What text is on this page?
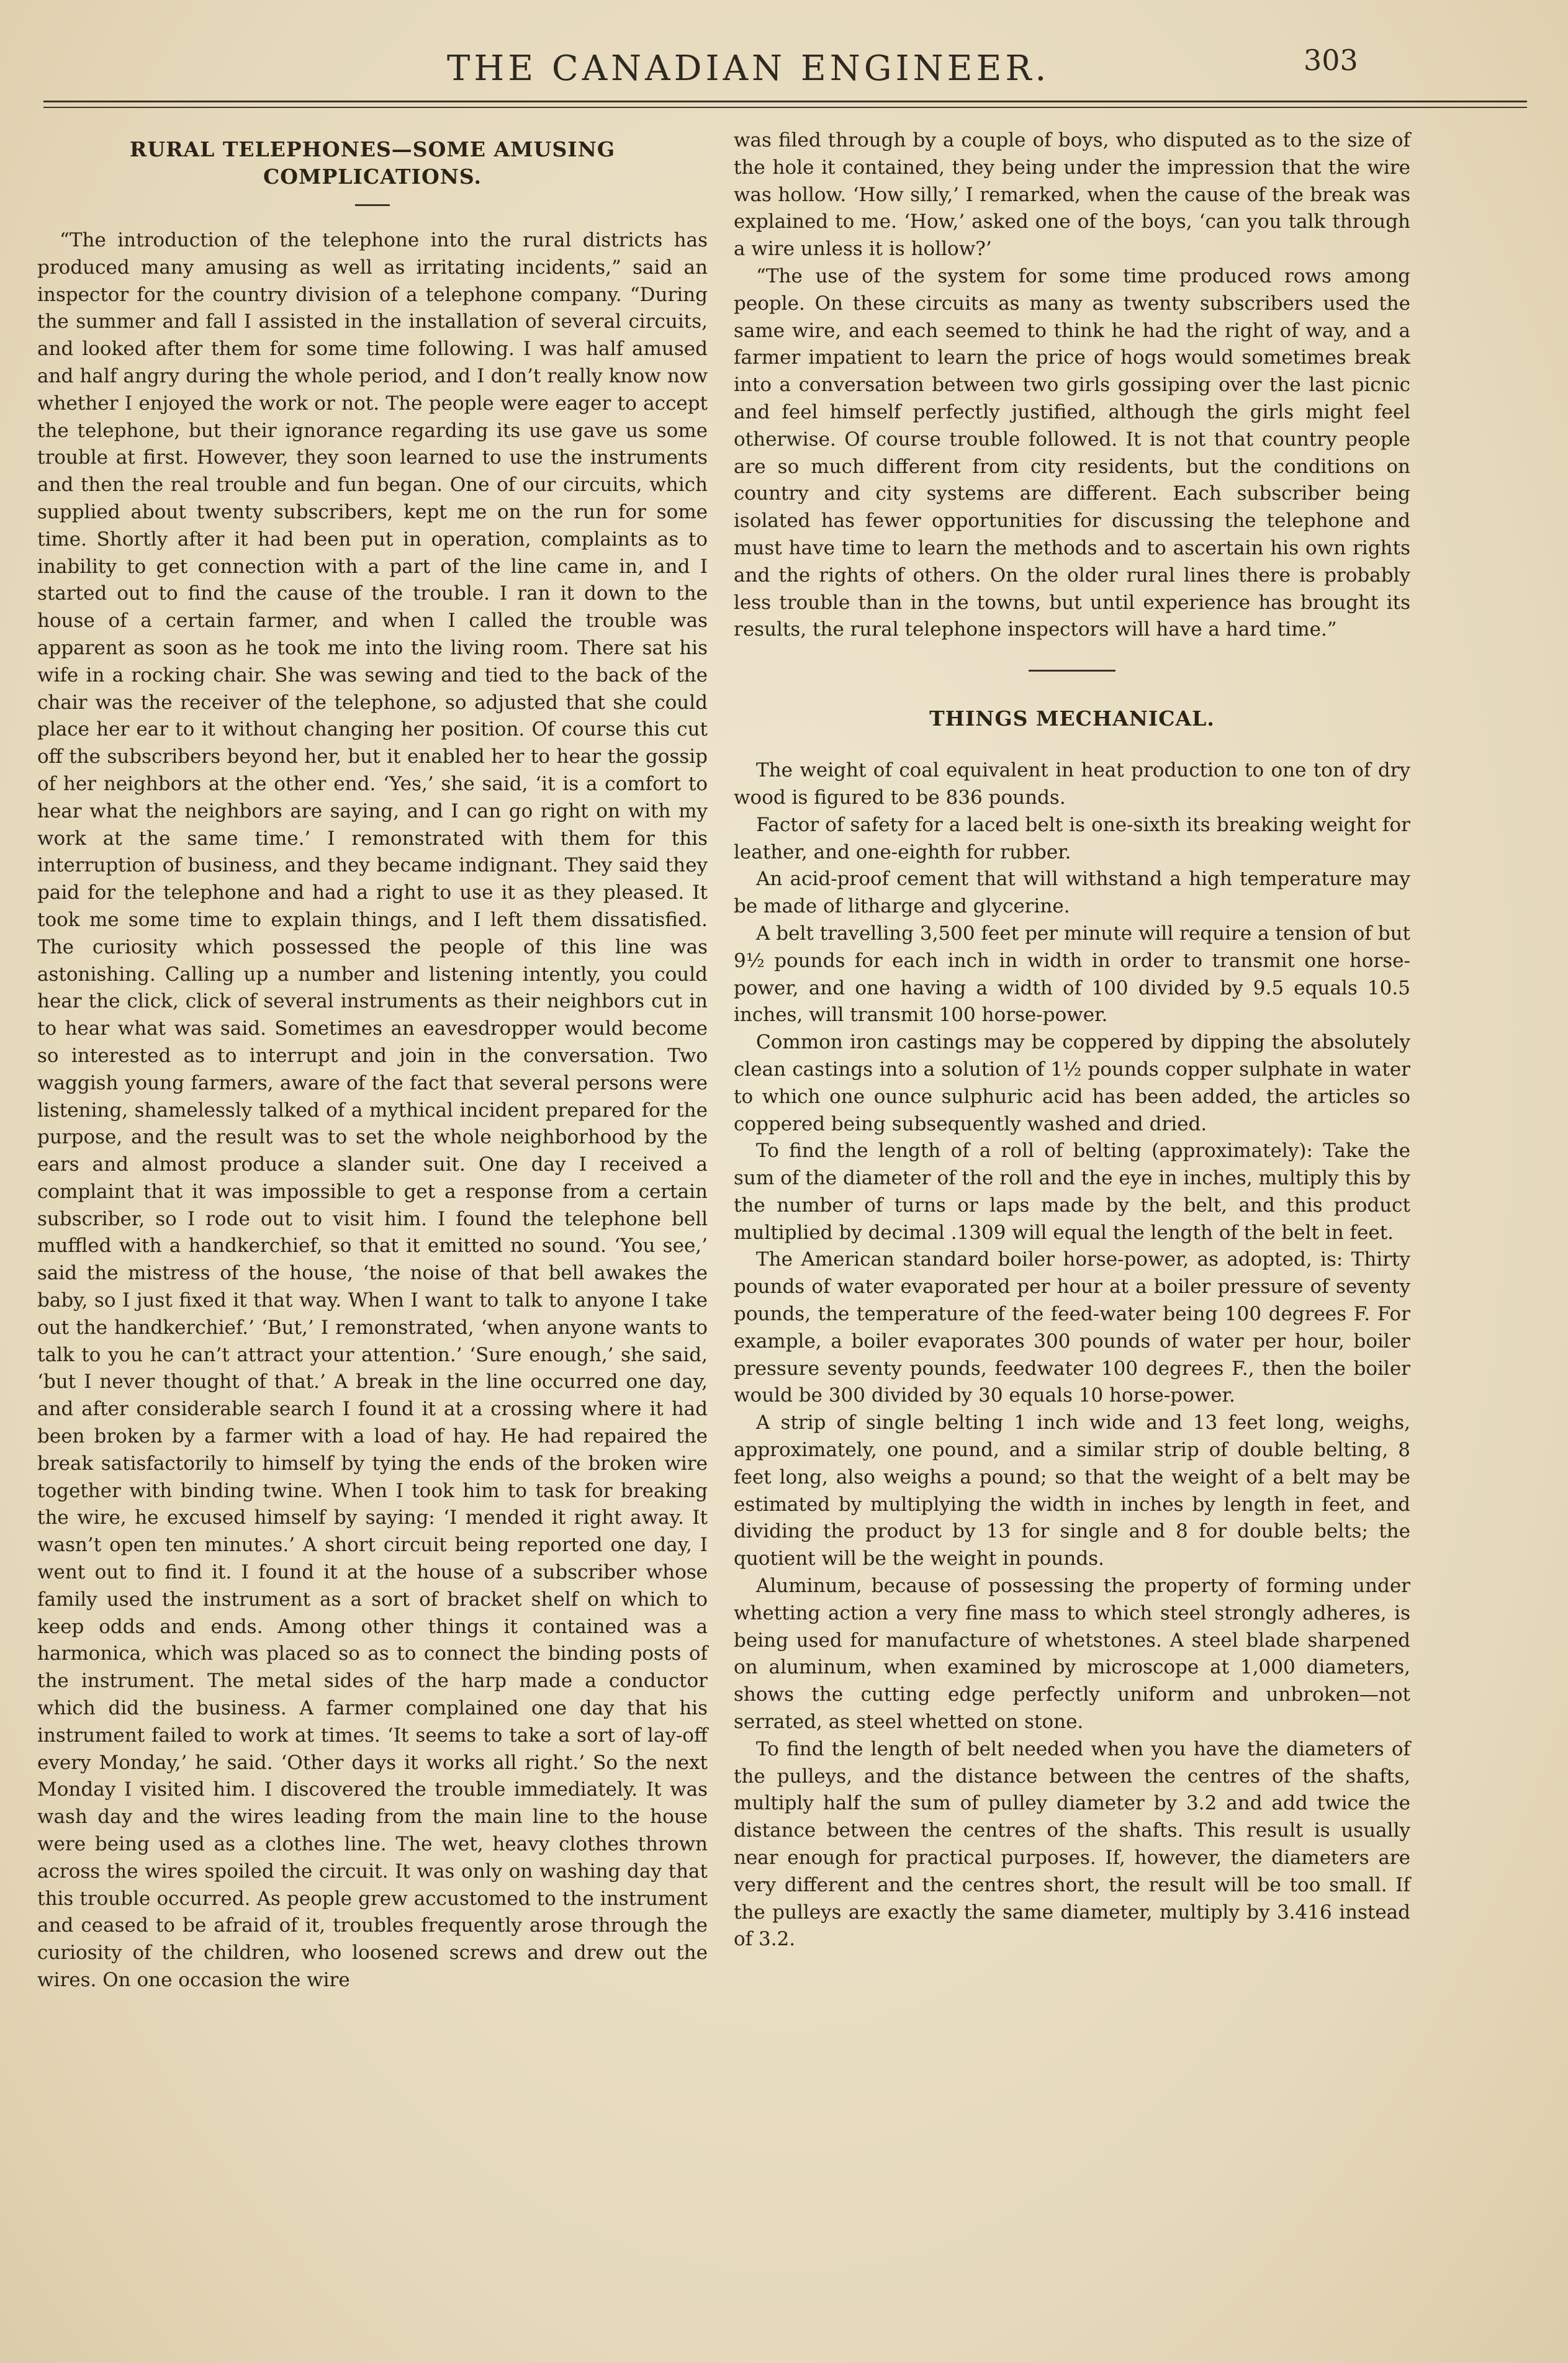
THE CANADIAN ENGINEER.	303
RURAL TELEPHONES—SOME AMUSING
COMPLICATIONS.

“The introduction of the telephone into the rural districts has produced many amusing as well as irritating incidents,” said an inspector for the country division of a telephone company. “During the summer and fall I assisted in the installation of several circuits, and looked after them for some time following. I was half amused and half angry during the whole period, and I don’t really know now whether I enjoyed the work or not. The people were eager to accept the telephone, but their ignorance regarding its use gave us some trouble at first. However, they soon learned to use the instruments and then the real trouble and fun began. One of our circuits, which supplied about twenty subscribers, kept me on the run for some time. Shortly after it had been put in operation, complaints as to inability to get connection with a part of the line came in, and I started out to find the cause of the trouble. I ran it down to the house of a certain farmer, and when I called the trouble was apparent as soon as he took me into the living room. There sat his wife in a rocking chair. She was sewing and tied to the back of the chair was the receiver of the telephone, so adjusted that she could place her ear to it without changing her position. Of course this cut off the subscribers beyond her, but it enabled her to hear the gossip of her neighbors at the other end. ‘Yes,’ she said, ‘it is a comfort to hear what the neighbors are saying, and I can go right on with my work at the same time.’ I remonstrated with them for this interruption of business, and they became indignant. They said they paid for the telephone and had a right to use it as they pleased. It took me some time to explain things, and I left them dissatisfied. The curiosity which possessed the people of this line was astonishing. Calling up a number and listening intently, you could hear the click, click of several instruments as their neighbors cut in to hear what was said. Sometimes an eavesdropper would become so interested as to interrupt and join in the conversation. Two waggish young farmers, aware of the fact that several persons were listening, shamelessly talked of a mythical incident prepared for the purpose, and the result was to set the whole neighborhood by the ears and almost produce a slander suit. One day I received a complaint that it was impossible to get a response from a certain subscriber, so I rode out to visit him. I found the telephone bell muffled with a handkerchief, so that it emitted no sound. ‘You see,’ said the mistress of the house, ‘the noise of that bell awakes the baby, so I just fixed it that way. When I want to talk to anyone I take out the handkerchief.’ ‘But,’ I remonstrated, ‘when anyone wants to talk to you he can’t attract your attention.’ ‘Sure enough,’ she said, ‘but I never thought of that.’ A break in the line occurred one day, and after considerable search I found it at a crossing where it had been broken by a farmer with a load of hay. He had repaired the break satisfactorily to himself by tying the ends of the broken wire together with binding twine. When I took him to task for breaking the wire, he excused himself by saying: ‘I mended it right away. It wasn’t open ten minutes.’ A short circuit being reported one day, I went out to find it. I found it at the house of a subscriber whose family used the instrument as a sort of bracket shelf on which to keep odds and ends. Among other things it contained was a harmonica, which was placed so as to connect the binding posts of the instrument. The metal sides of the harp made a conductor which did the business. A farmer complained one day that his instrument failed to work at times. ‘It seems to take a sort of lay-off every Monday,’ he said. ‘Other days it works all right.’ So the next Monday I visited him. I discovered the trouble immediately. It was wash day and the wires leading from the main line to the house were being used as a clothes line. The wet, heavy clothes thrown across the wires spoiled the circuit. It was only on washing day that this trouble occurred. As people grew accustomed to the instrument and ceased to be afraid of it, troubles frequently arose through the curiosity of the children, who loosened screws and drew out the wires. On one occasion the wire

was filed through by a couple of boys, who disputed as to the size of the hole it contained, they being under the impression that the wire was hollow. ‘How silly,’ I remarked, when the cause of the break was explained to me. ‘How,’ asked one of the boys, ‘can you talk through a wire unless it is hollow?’

“The use of the system for some time produced rows among people. On these circuits as many as twenty subscribers used the same wire, and each seemed to think he had the right of way, and a farmer impatient to learn the price of hogs would sometimes break into a conversation between two girls gossiping over the last picnic and feel himself perfectly justified, although the girls might feel otherwise. Of course trouble followed. It is not that country people are so much different from city residents, but the conditions on country and city systems are different. Each subscriber being isolated has fewer opportunities for discussing the telephone and must have time to learn the methods and to ascertain his own rights and the rights of others. On the older rural lines there is probably less trouble than in the towns, but until experience has brought its results, the rural telephone inspectors will have a hard time.”

THINGS MECHANICAL.

The weight of coal equivalent in heat production to one ton of dry wood is figured to be 836 pounds.

Factor of safety for a laced belt is one-sixth its breaking weight for leather, and one-eighth for rubber.

An acid-proof cement that will withstand a high temperature may be made of litharge and glycerine.

A belt travelling 3,500 feet per minute will require a tension of but 9½ pounds for each inch in width in order to transmit one horse-power, and one having a width of 100 divided by 9.5 equals 10.5 inches, will transmit 100 horse-power.

Common iron castings may be coppered by dipping the absolutely clean castings into a solution of 1½ pounds copper sulphate in water to which one ounce sulphuric acid has been added, the articles so coppered being subsequently washed and dried.

To find the length of a roll of belting (approximately): Take the sum of the diameter of the roll and the eye in inches, multiply this by the number of turns or laps made by the belt, and this product multiplied by decimal .1309 will equal the length of the belt in feet.

The American standard boiler horse-power, as adopted, is: Thirty pounds of water evaporated per hour at a boiler pressure of seventy pounds, the temperature of the feed-water being 100 degrees F. For example, a boiler evaporates 300 pounds of water per hour, boiler pressure seventy pounds, feedwater 100 degrees F., then the boiler would be 300 divided by 30 equals 10 horse-power.

A strip of single belting 1 inch wide and 13 feet long, weighs, approximately, one pound, and a similar strip of double belting, 8 feet long, also weighs a pound; so that the weight of a belt may be estimated by multiplying the width in inches by length in feet, and dividing the product by 13 for single and 8 for double belts; the quotient will be the weight in pounds.

Aluminum, because of possessing the property of forming under whetting action a very fine mass to which steel strongly adheres, is being used for manufacture of whetstones. A steel blade sharpened on aluminum, when examined by microscope at 1,000 diameters, shows the cutting edge perfectly uniform and unbroken—not serrated, as steel whetted on stone.

To find the length of belt needed when you have the diameters of the pulleys, and the distance between the centres of the shafts, multiply half the sum of pulley diameter by 3.2 and add twice the distance between the centres of the shafts. This result is usually near enough for practical purposes. If, however, the diameters are very different and the centres short, the result will be too small. If the pulleys are exactly the same diameter, multiply by 3.416 instead of 3.2.
